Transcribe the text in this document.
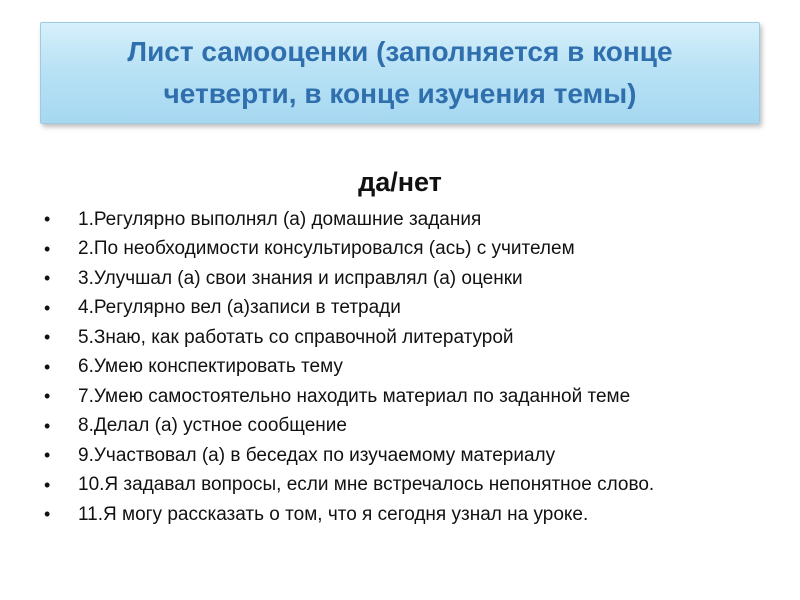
Лист самооценки (заполняется в конце четверти, в конце изучения темы)
да/нет
•	1.Регулярно выполнял (а) домашние задания
•	2.По необходимости консультировался (ась) с учителем
•	3.Улучшал (а) свои знания и исправлял (а) оценки
•	4.Регулярно вел (а)записи в тетради
•	5.Знаю, как работать со справочной литературой
•	6.Умею конспектировать тему
•	7.Умею самостоятельно находить материал по заданной теме
•	8.Делал (а) устное сообщение
•	9.Участвовал (а) в беседах по изучаемому материалу
•	10.Я задавал вопросы, если мне встречалось непонятное слово.
•	11.Я могу рассказать о том, что я сегодня узнал на уроке.
